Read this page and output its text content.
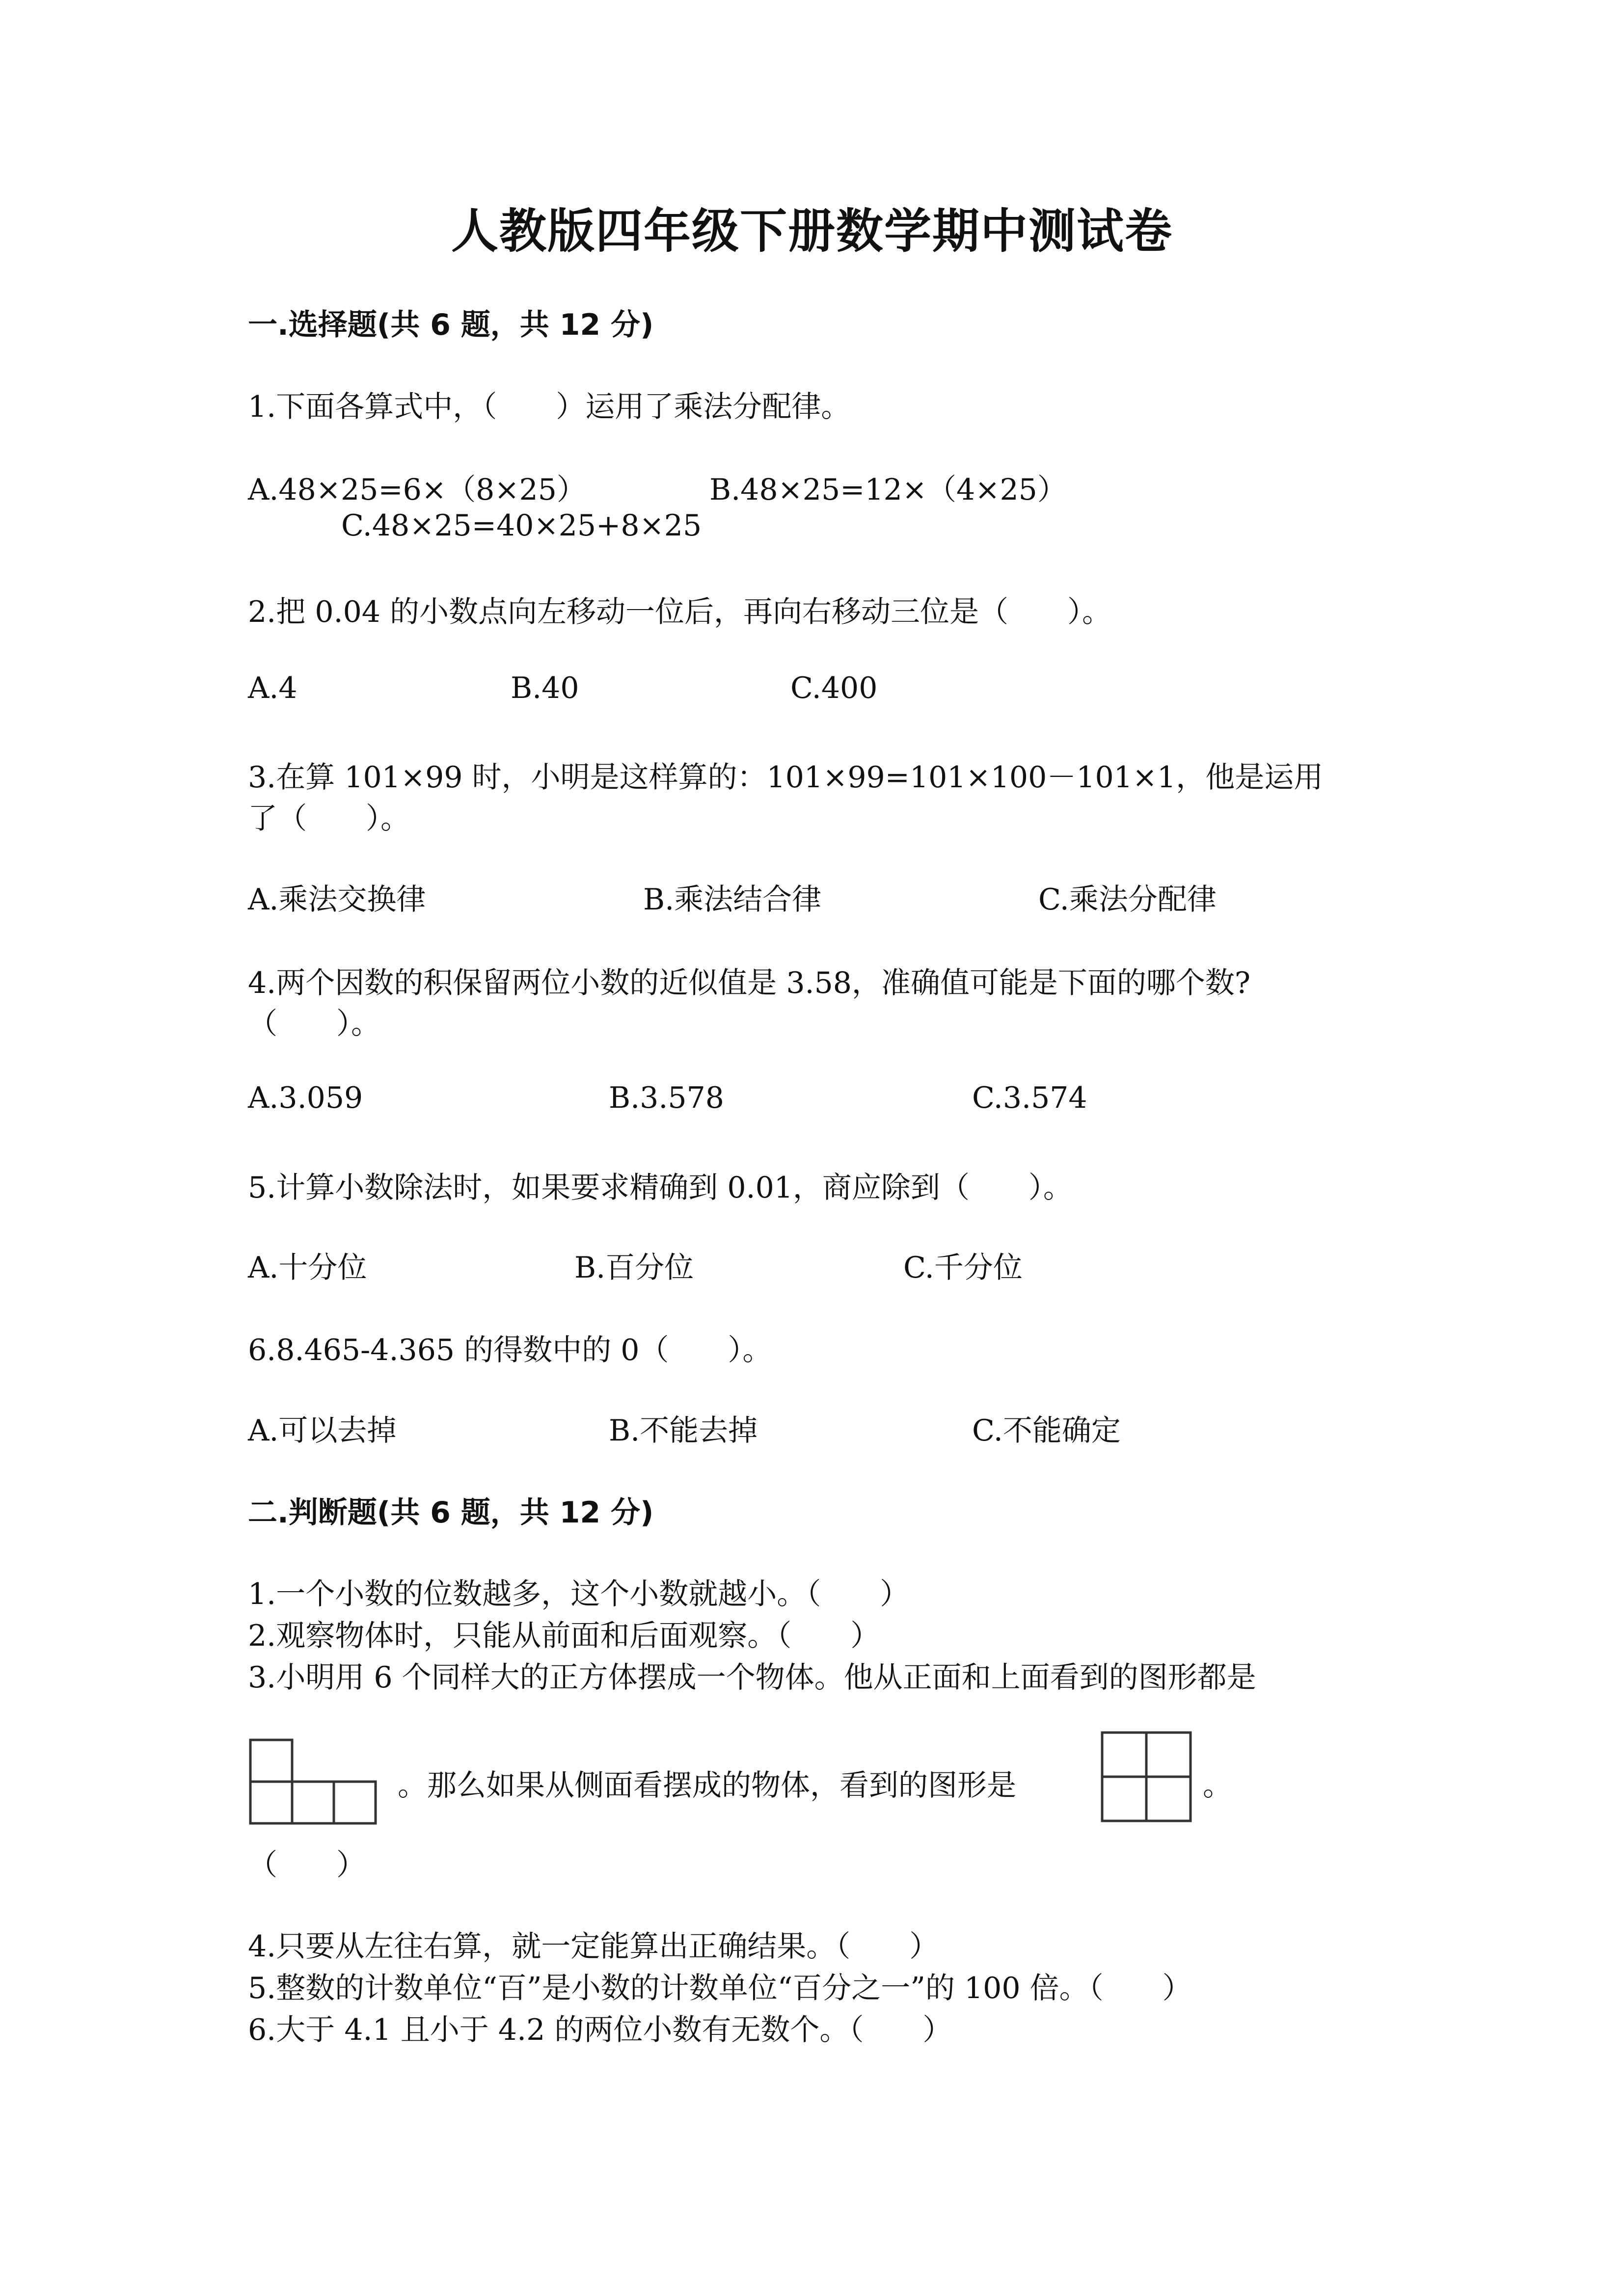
人教版四年级下册数学期中测试卷
一.选择题(共 6 题，共 12 分)
1.下面各算式中，（　　）运用了乘法分配律。
A.48×25=6×（8×25）	B.48×25=12×（4×25）
C.48×25=40×25+8×25
2.把 0.04 的小数点向左移动一位后，再向右移动三位是（　　）。
A.4	B.40	C.400
3.在算 101×99 时，小明是这样算的：101×99=101×100－101×1，他是运用
了（　　）。
A.乘法交换律	B.乘法结合律	C.乘法分配律
4.两个因数的积保留两位小数的近似值是 3.58，准确值可能是下面的哪个数?
（　　）。
A.3.059	B.3.578	C.3.574
5.计算小数除法时，如果要求精确到 0.01，商应除到（　　）。
A.十分位	B.百分位	C.千分位
6.8.465-4.365 的得数中的 0（　　）。
A.可以去掉	B.不能去掉	C.不能确定
二.判断题(共 6 题，共 12 分)
1.一个小数的位数越多，这个小数就越小。（　　）
2.观察物体时，只能从前面和后面观察。（　　）
3.小明用 6 个同样大的正方体摆成一个物体。他从正面和上面看到的图形都是
。那么如果从侧面看摆成的物体，看到的图形是	。
（　　）
4.只要从左往右算，就一定能算出正确结果。（　　）
5.整数的计数单位“百”是小数的计数单位“百分之一”的 100 倍。（　　）
6.大于 4.1 且小于 4.2 的两位小数有无数个。（　　）
